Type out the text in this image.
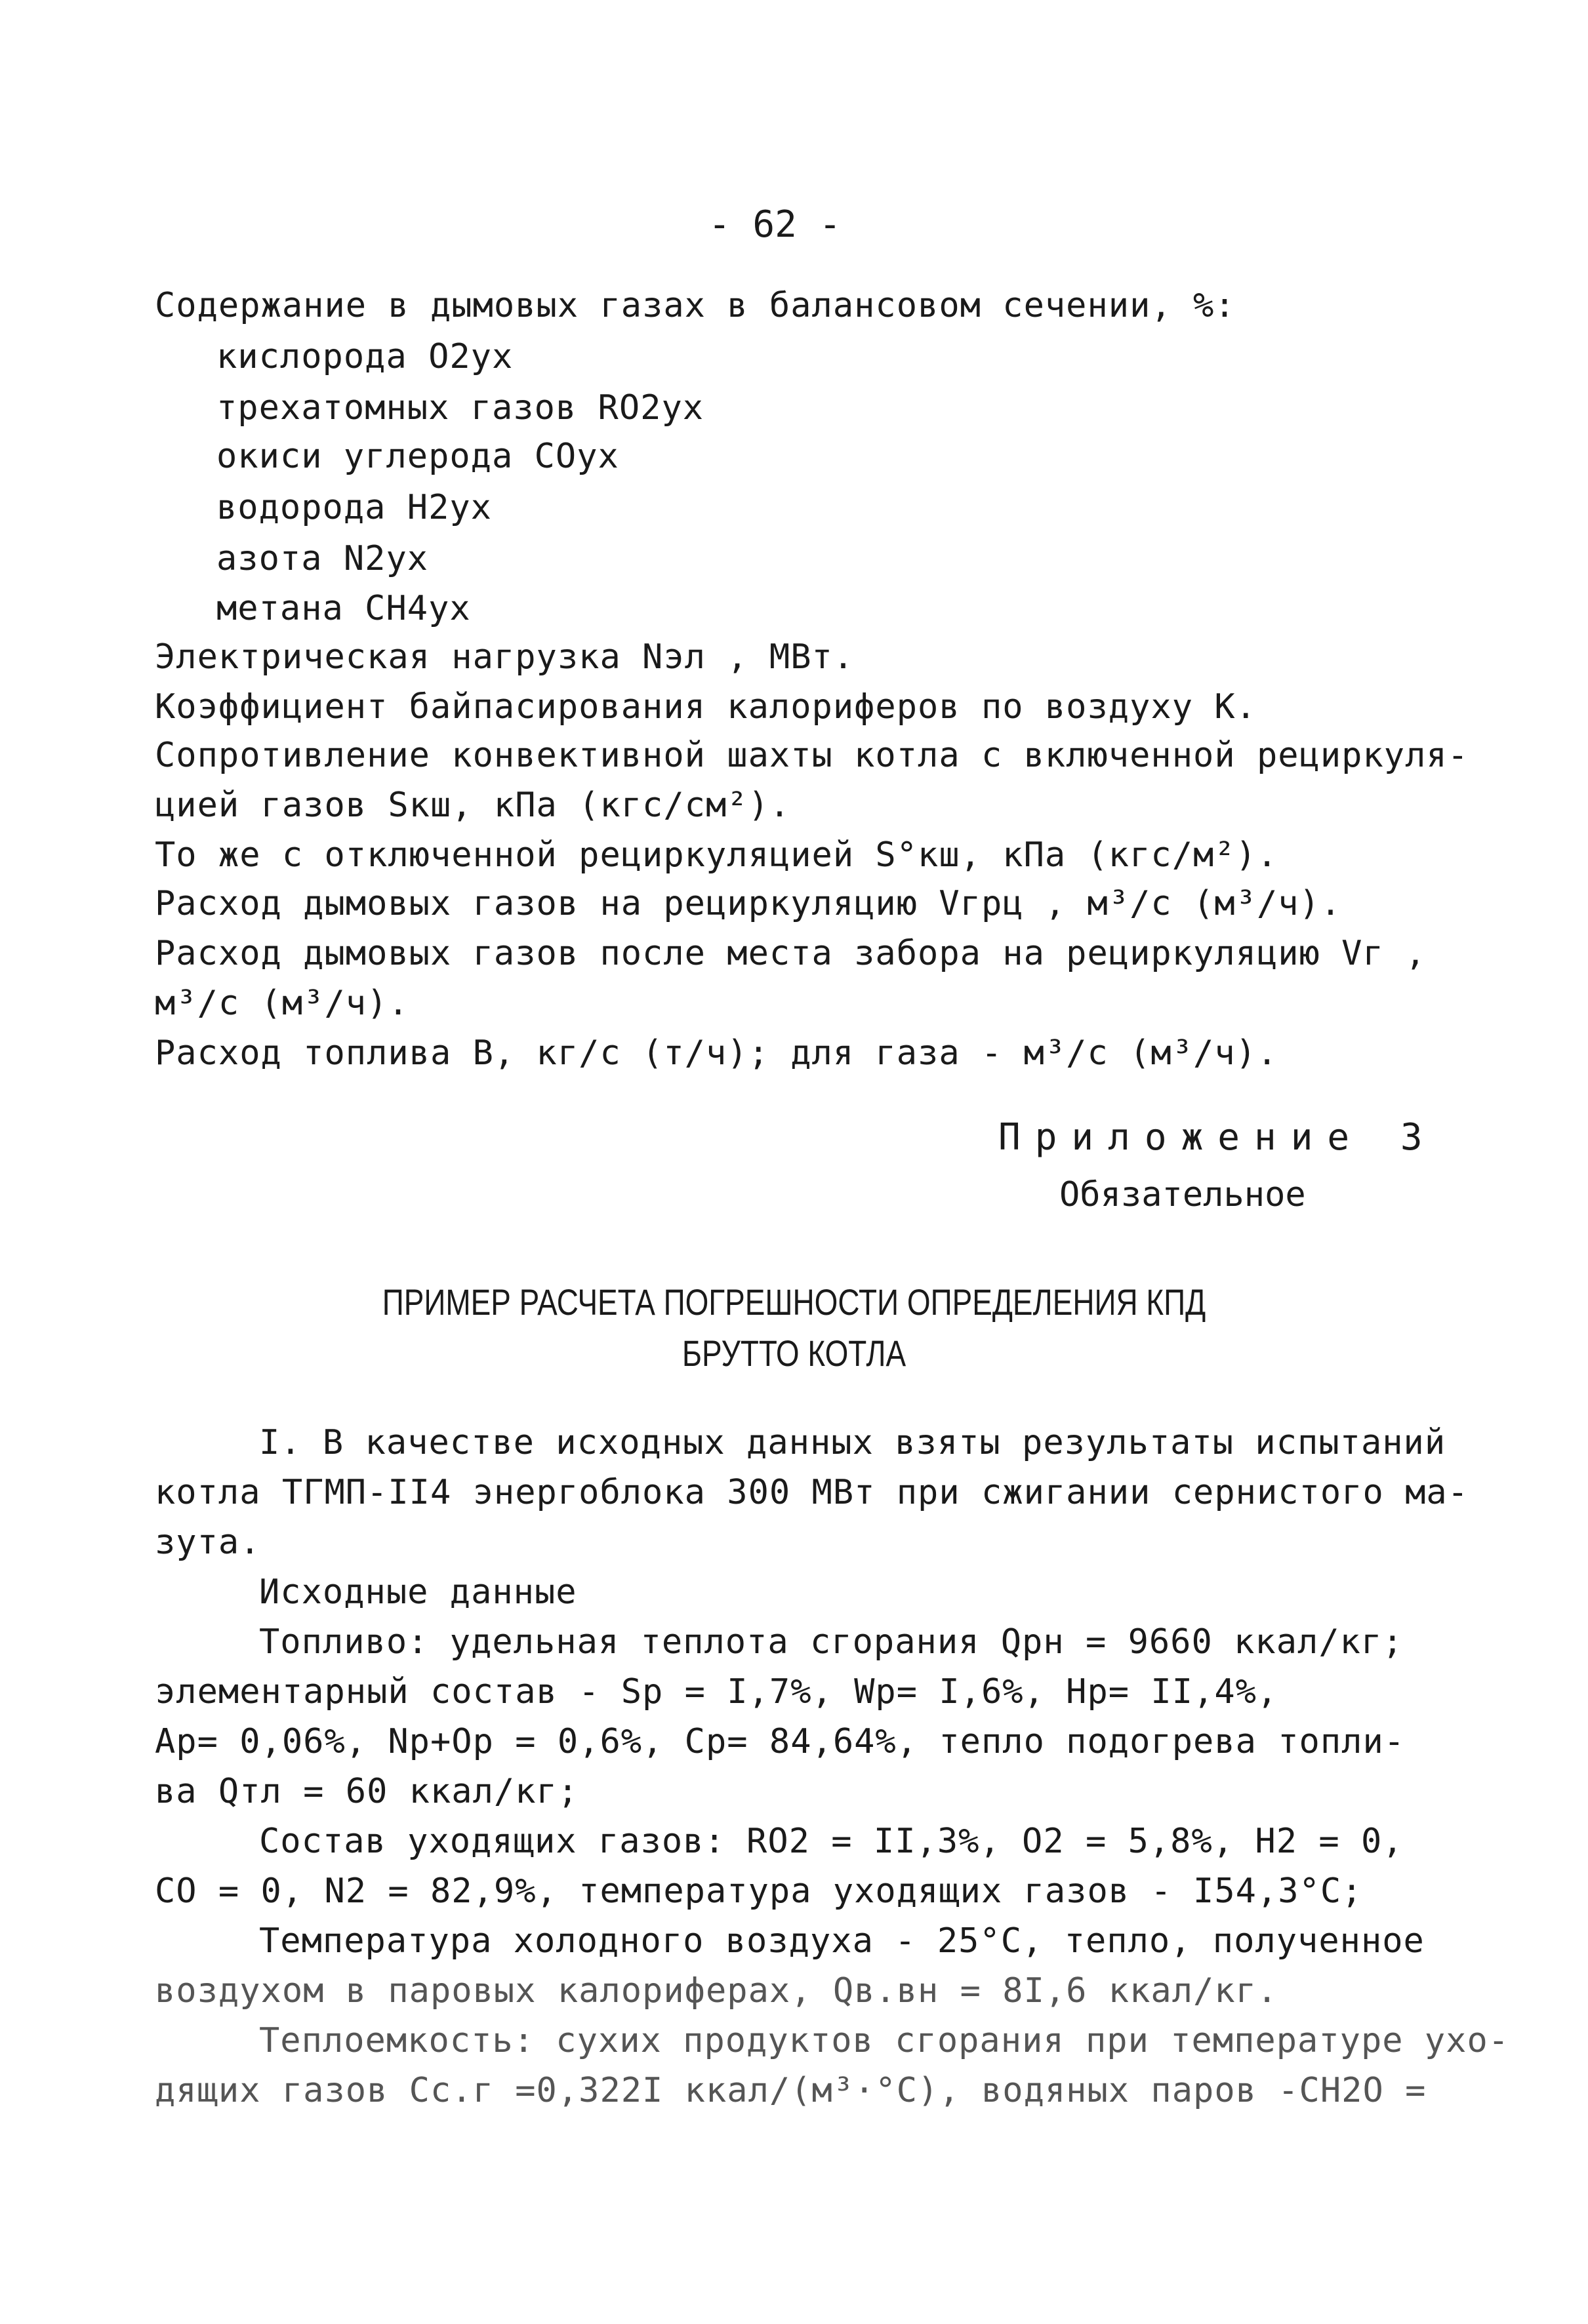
- 62 -
Содержание в дымовых газах в балансовом сечении, %:
кислорода O2ух
трехатомных газов RO2ух
окиси углерода COух
водорода H2ух
азота N2ух
метана CH4ух
Электрическая нагрузка Nэл , МВт.
Коэффициент байпасирования калориферов по воздуху К.
Сопротивление конвективной шахты котла с включенной рециркуля-
цией газов Sкш, кПа (кгс/см²).
То же с отключенной рециркуляцией S°кш, кПа (кгс/м²).
Расход дымовых газов на рециркуляцию Vгрц , м³/с (м³/ч).
Расход дымовых газов после места забора на рециркуляцию Vг ,
м³/с (м³/ч).
Расход топлива B, кг/с (т/ч); для газа - м³/с (м³/ч).
Приложение 3
Обязательное
ПРИМЕР РАСЧЕТА ПОГРЕШНОСТИ ОПРЕДЕЛЕНИЯ КПД
БРУТТО КОТЛА
I. В качестве исходных данных взяты результаты испытаний
котла ТГМП-II4 энергоблока 300 МВт при сжигании сернистого ма-
зута.
Исходные данные
Топливо: удельная теплота сгорания Qрн = 9660 ккал/кг;
элементарный состав - Sр = I,7%, Wр= I,6%, Hр= II,4%,
Aр= 0,06%, Nр+Oр = 0,6%, Cр= 84,64%, тепло подогрева топли-
ва Qтл = 60 ккал/кг;
Состав уходящих газов: RO2 = II,3%, O2 = 5,8%, H2 = 0,
CO = 0, N2 = 82,9%, температура уходящих газов - I54,3°С;
Температура холодного воздуха - 25°С, тепло, полученное
воздухом в паровых калориферах, Qв.вн = 8I,6 ккал/кг.
Теплоемкость: сухих продуктов сгорания при температуре ухо-
дящих газов Cс.г =0,322I ккал/(м³·°С), водяных паров -CH2O =
